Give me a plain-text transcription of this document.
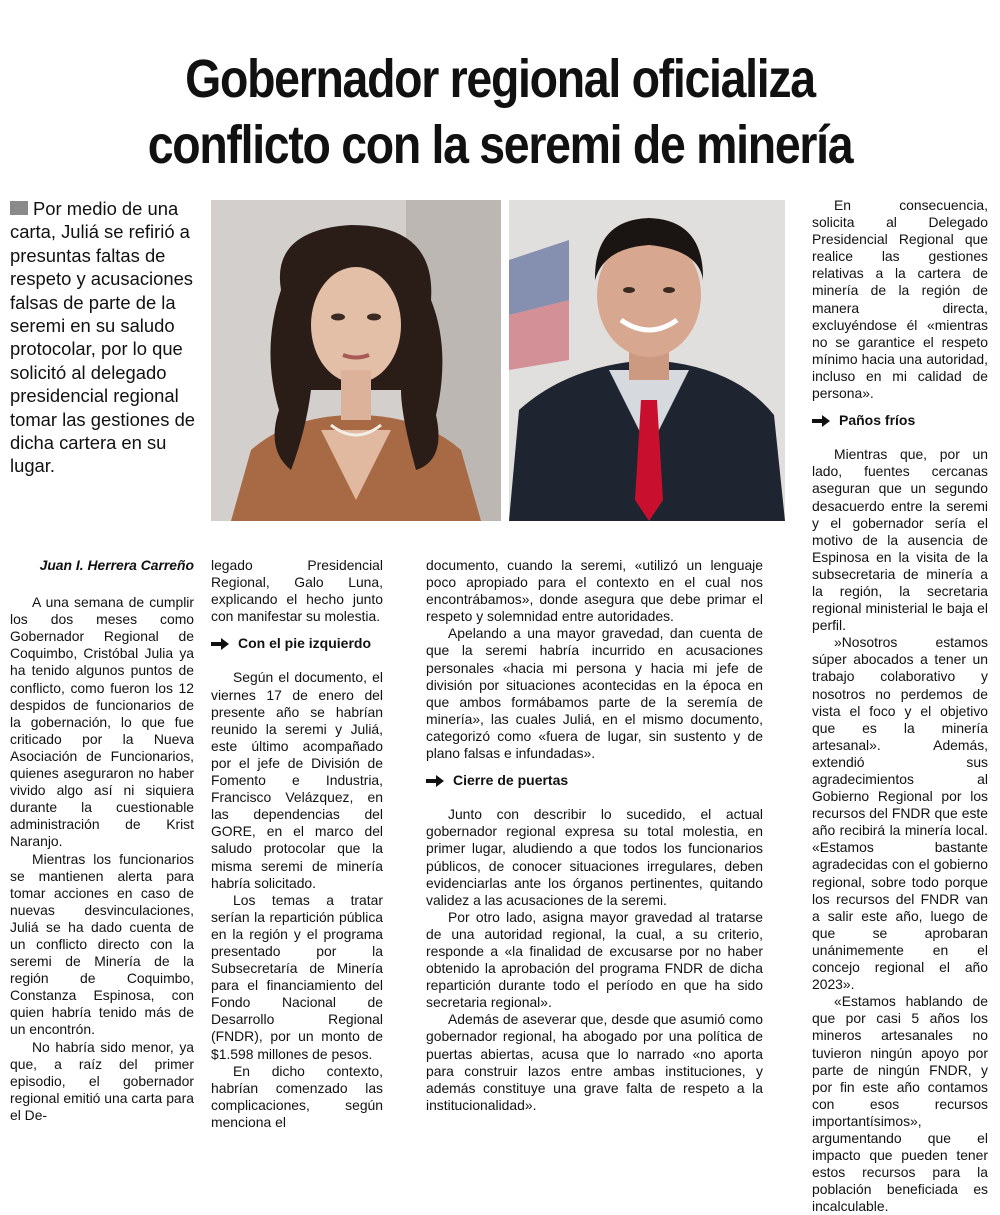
Gobernador regional oficializa
conflicto con la seremi de minería
Por medio de una carta, Juliá se refirió a presuntas faltas de respeto y acusaciones falsas de parte de la seremi en su saludo protocolar, por lo que solicitó al delegado presidencial regional tomar las gestiones de dicha cartera en su lugar.

Juan I. Herrera Carreño

A una semana de cumplir los dos meses como Gobernador Regional de Coquimbo, Cristóbal Julia ya ha tenido algunos puntos de conflicto, como fueron los 12 despidos de funcionarios de la gobernación, lo que fue criticado por la Nueva Asociación de Funcionarios, quienes aseguraron no haber vivido algo así ni siquiera durante la cuestionable administración de Krist Naranjo.

Mientras los funcionarios se mantienen alerta para tomar acciones en caso de nuevas desvinculaciones, Juliá se ha dado cuenta de un conflicto directo con la seremi de Minería de la región de Coquimbo, Constanza Espinosa, con quien habría tenido más de un encontrón.

No habría sido menor, ya que, a raíz del primer episodio, el gobernador regional emitió una carta para el De-

legado Presidencial Regional, Galo Luna, explicando el hecho junto con manifestar su molestia.

Con el pie izquierdo

Según el documento, el viernes 17 de enero del presente año se habrían reunido la seremi y Juliá, este último acompañado por el jefe de División de Fomento e Industria, Francisco Velázquez, en las dependencias del GORE, en el marco del saludo protocolar que la misma seremi de minería habría solicitado.

Los temas a tratar serían la repartición pública en la región y el programa presentado por la Subsecretaría de Minería para el financiamiento del Fondo Nacional de Desarrollo Regional (FNDR), por un monto de $1.598 millones de pesos.

En dicho contexto, habrían comenzado las complicaciones, según menciona el

documento, cuando la seremi, «utilizó un lenguaje poco apropiado para el contexto en el cual nos encontrábamos», donde asegura que debe primar el respeto y solemnidad entre autoridades.

Apelando a una mayor gravedad, dan cuenta de que la seremi habría incurrido en acusaciones personales «hacia mi persona y hacia mi jefe de división por situaciones acontecidas en la época en que ambos formábamos parte de la seremía de minería», las cuales Juliá, en el mismo documento, categorizó como «fuera de lugar, sin sustento y de plano falsas e infundadas».

Cierre de puertas

Junto con describir lo sucedido, el actual gobernador regional expresa su total molestia, en primer lugar, aludiendo a que todos los funcionarios públicos, de conocer situaciones irregulares, deben evidenciarlas ante los órganos pertinentes, quitando validez a las acusaciones de la seremi.

Por otro lado, asigna mayor gravedad al tratarse de una autoridad regional, la cual, a su criterio, responde a «la finalidad de excusarse por no haber obtenido la aprobación del programa FNDR de dicha repartición durante todo el período en que ha sido secretaria regional».

Además de aseverar que, desde que asumió como gobernador regional, ha abogado por una política de puertas abiertas, acusa que lo narrado «no aporta para construir lazos entre ambas instituciones, y además constituye una grave falta de respeto a la institucionalidad».

En consecuencia, solicita al Delegado Presidencial Regional que realice las gestiones relativas a la cartera de minería de la región de manera directa, excluyéndose él «mientras no se garantice el respeto mínimo hacia una autoridad, incluso en mi calidad de persona».

Paños fríos

Mientras que, por un lado, fuentes cercanas aseguran que un segundo desacuerdo entre la seremi y el gobernador sería el motivo de la ausencia de Espinosa en la visita de la subsecretaria de minería a la región, la secretaria regional ministerial le baja el perfil.

»Nosotros estamos súper abocados a tener un trabajo colaborativo y nosotros no perdemos de vista el foco y el objetivo que es la minería artesanal». Además, extendió sus agradecimientos al Gobierno Regional por los recursos del FNDR que este año recibirá la minería local. «Estamos bastante agradecidas con el gobierno regional, sobre todo porque los recursos del FNDR van a salir este año, luego de que se aprobaran unánimemente en el concejo regional el año 2023».

«Estamos hablando de que por casi 5 años los mineros artesanales no tuvieron ningún apoyo por parte de ningún FNDR, y por fin este año contamos con esos recursos importantísimos», argumentando que el impacto que pueden tener estos recursos para la población beneficiada es incalculable.
